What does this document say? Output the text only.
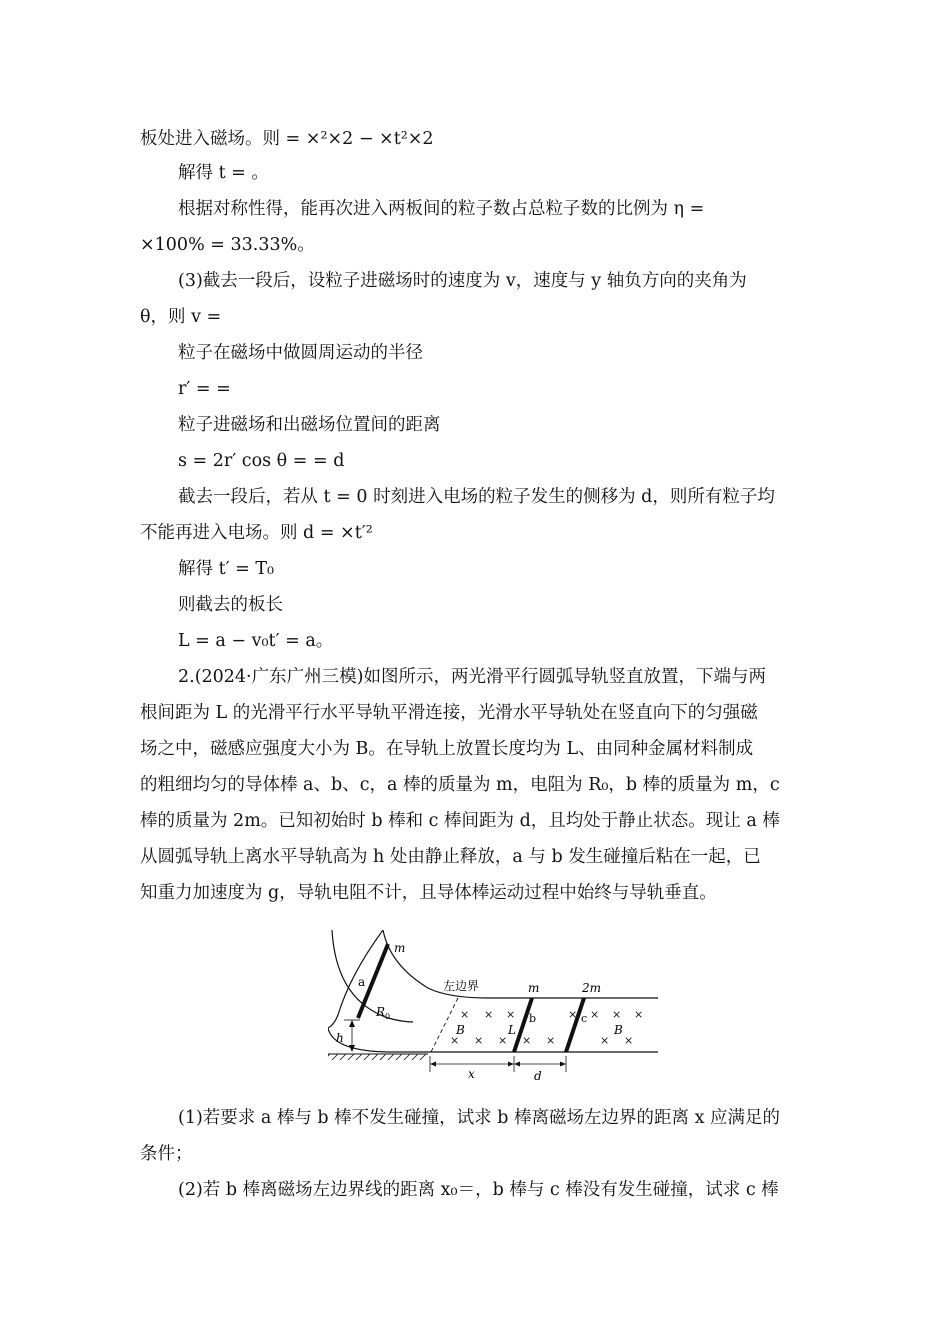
板处进入磁场。则 = ×²×2 − ×t²×2
解得 t = 。
根据对称性得，能再次进入两板间的粒子数占总粒子数的比例为 η =
×100% = 33.33%。
(3)截去一段后，设粒子进磁场时的速度为 v，速度与 y 轴负方向的夹角为
θ，则 v =
粒子在磁场中做圆周运动的半径
r′ = =
粒子进磁场和出磁场位置间的距离
s = 2r′ cos θ = = d
截去一段后，若从 t = 0 时刻进入电场的粒子发生的侧移为 d，则所有粒子均
不能再进入电场。则 d = ×t′²
解得 t′ = T₀
则截去的板长
L = a − v₀t′ = a。
2.(2024·广东广州三模)如图所示，两光滑平行圆弧导轨竖直放置，下端与两
根间距为 L 的光滑平行水平导轨平滑连接，光滑水平导轨处在竖直向下的匀强磁
场之中，磁感应强度大小为 B。在导轨上放置长度均为 L、由同种金属材料制成
的粗细均匀的导体棒 a、b、c，a 棒的质量为 m，电阻为 R₀，b 棒的质量为 m，c
棒的质量为 2m。已知初始时 b 棒和 c 棒间距为 d，且均处于静止状态。现让 a 棒
从圆弧导轨上离水平导轨高为 h 处由静止释放，a 与 b 发生碰撞后粘在一起，已
知重力加速度为 g，导轨电阻不计，且导体棒运动过程中始终与导轨垂直。
h
m
a
$R_0$
左边界
× × ×	× × × ×
× × × × ×	× ×
B	B
m
L
b
2m
c
x	d
(1)若要求 a 棒与 b 棒不发生碰撞，试求 b 棒离磁场左边界的距离 x 应满足的
条件；
(2)若 b 棒离磁场左边界线的距离 x₀＝，b 棒与 c 棒没有发生碰撞，试求 c 棒
